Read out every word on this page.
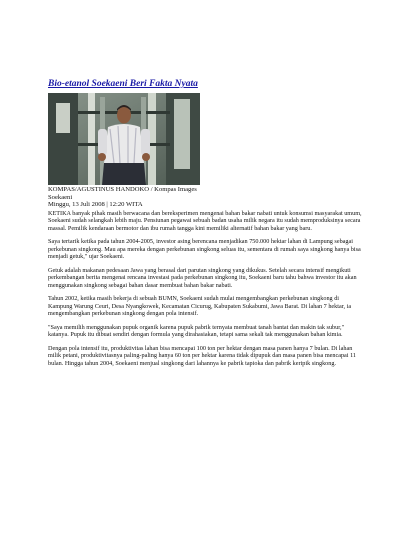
Bio-etanol Soekaeni Beri Fakta Nyata
KOMPAS/AGUSTINUS HANDOKO / Kompas Images
Soekaeni
Minggu, 13 Juli 2008 | 12:20 WITA

KETIKA banyak pihak masih berwacana dan bereksperimen mengenai bahan bakar nabati untuk konsumsi masyarakat umum, Soekaeni sudah selangkah lebih maju. Pensiunan pegawai sebuah badan usaha milik negara itu sudah memproduksinya secara massal. Pemilik kendaraan bermotor dan ibu rumah tangga kini memiliki alternatif bahan bakar yang baru.

Saya tertarik ketika pada tahun 2004-2005, investor asing berencana menjadikan 750.000 hektar lahan di Lampung sebagai perkebunan singkong. Mau apa mereka dengan perkebunan singkong seluas itu, sementara di rumah saya singkong hanya bisa menjadi getuk," ujar Soekaeni.

Getuk adalah makanan pedesaan Jawa yang berasal dari parutan singkong yang dikukus. Setelah secara intensif mengikuti perkembangan berita mengenai rencana investasi pada perkebunan singkong itu, Soekaeni baru tahu bahwa investor itu akan menggunakan singkong sebagai bahan dasar membuat bahan bakar nabati.

Tahun 2002, ketika masih bekerja di sebuah BUMN, Soekaeni sudah mulai mengembangkan perkebunan singkong di Kampung Warung Ceuri, Desa Nyangkowek, Kecamatan Cicurug, Kabupaten Sukabumi, Jawa Barat. Di lahan 7 hektar, ia mengembangkan perkebunan singkong dengan pola intensif.

"Saya memilih menggunakan pupuk organik karena pupuk pabrik ternyata membuat tanah bantat dan makin tak subur," katanya. Pupuk itu dibuat sendiri dengan formula yang dirahasiakan, tetapi sama sekali tak menggunakan bahan kimia.

Dengan pola intensif itu, produktivitas lahan bisa mencapai 100 ton per hektar dengan masa panen hanya 7 bulan. Di lahan milik petani, produktivitasnya paling-paling hanya 60 ton per hektar karena tidak dipupuk dan masa panen bisa mencapai 11 bulan. Hingga tahun 2004, Soekaeni menjual singkong dari lahannya ke pabrik tapioka dan pabrik keripik singkong.
